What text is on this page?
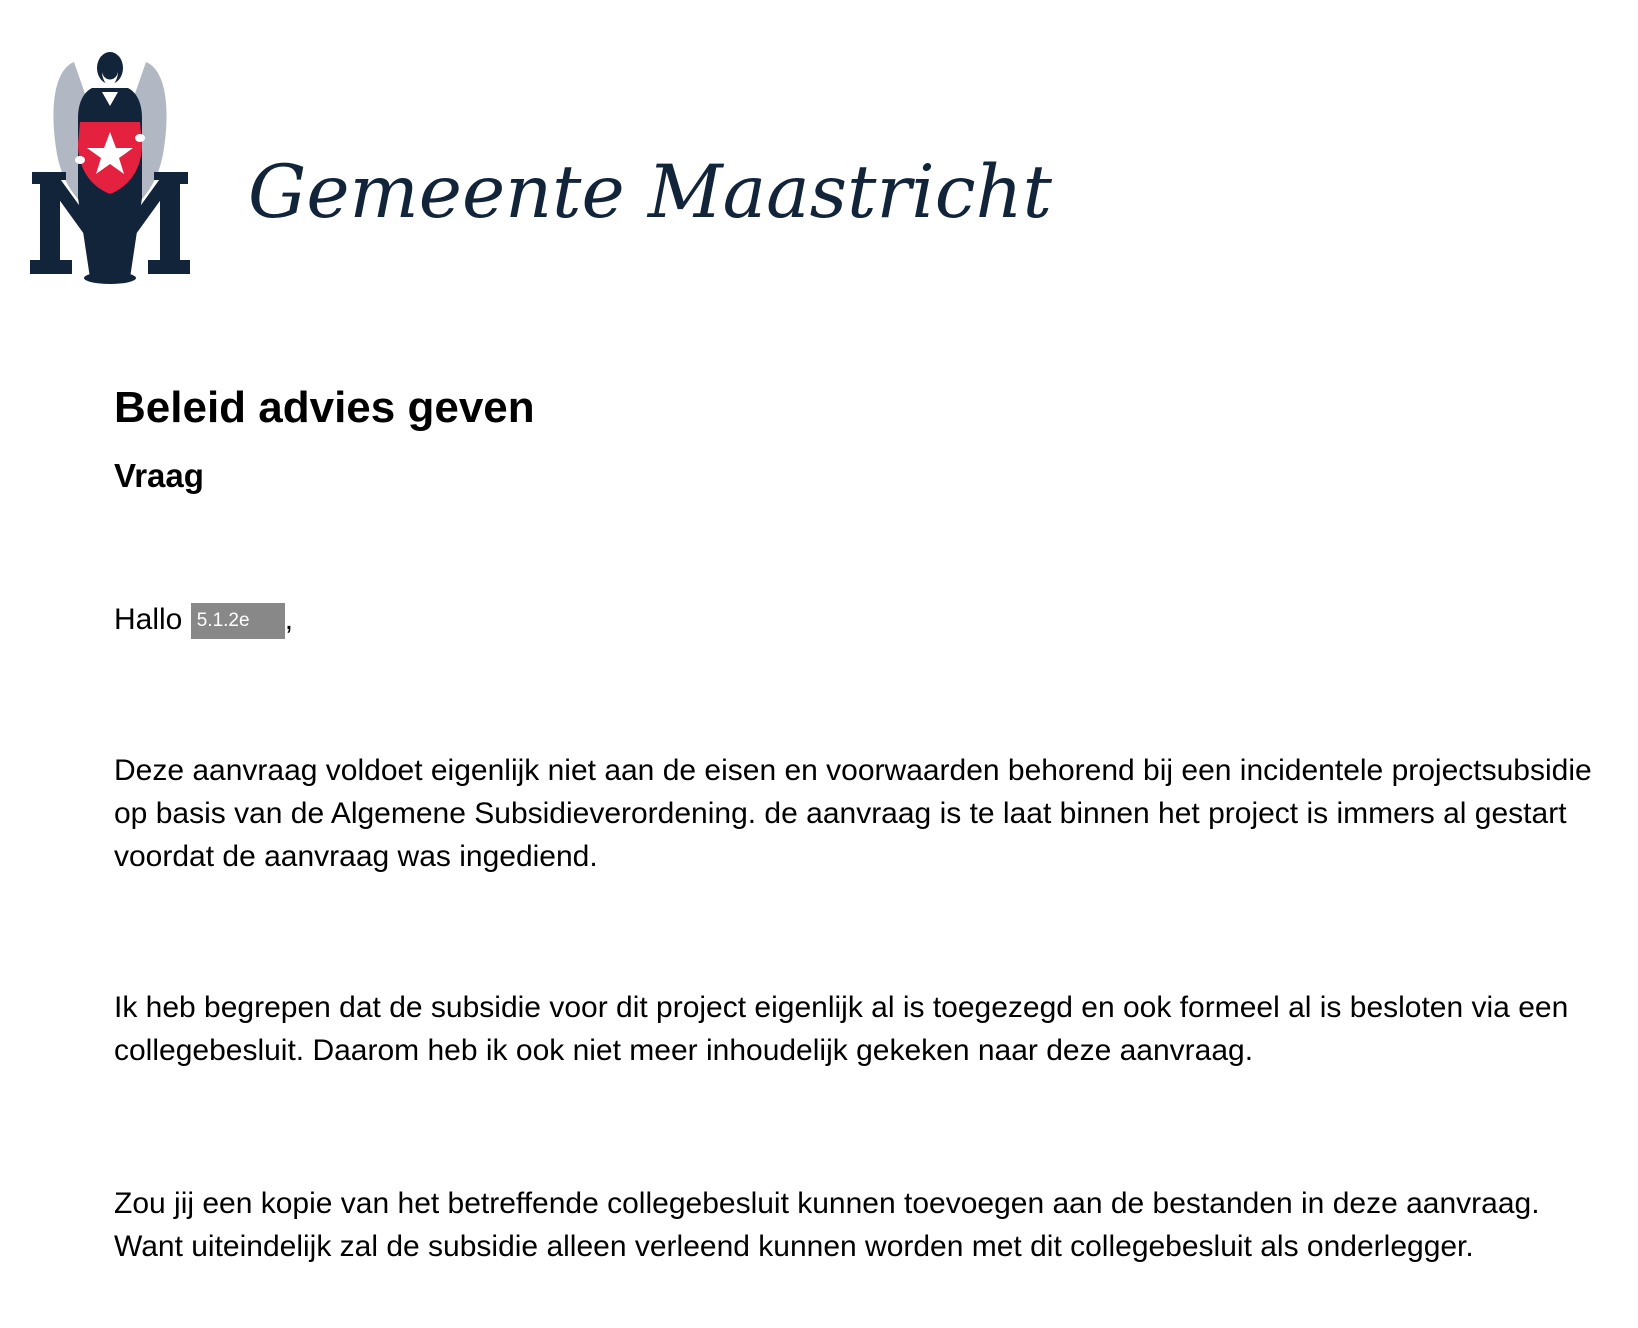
Gemeente Maastricht
Beleid advies geven
Vraag
Hallo 5.1.2e ,

Deze aanvraag voldoet eigenlijk niet aan de eisen en voorwaarden behorend bij een incidentele projectsubsidie op basis van de Algemene Subsidieverordening. de aanvraag is te laat binnen het project is immers al gestart voordat de aanvraag was ingediend.

Ik heb begrepen dat de subsidie voor dit project eigenlijk al is toegezegd en ook formeel al is besloten via een collegebesluit. Daarom heb ik ook niet meer inhoudelijk gekeken naar deze aanvraag.

Zou jij een kopie van het betreffende collegebesluit kunnen toevoegen aan de bestanden in deze aanvraag. Want uiteindelijk zal de subsidie alleen verleend kunnen worden met dit collegebesluit als onderlegger.
